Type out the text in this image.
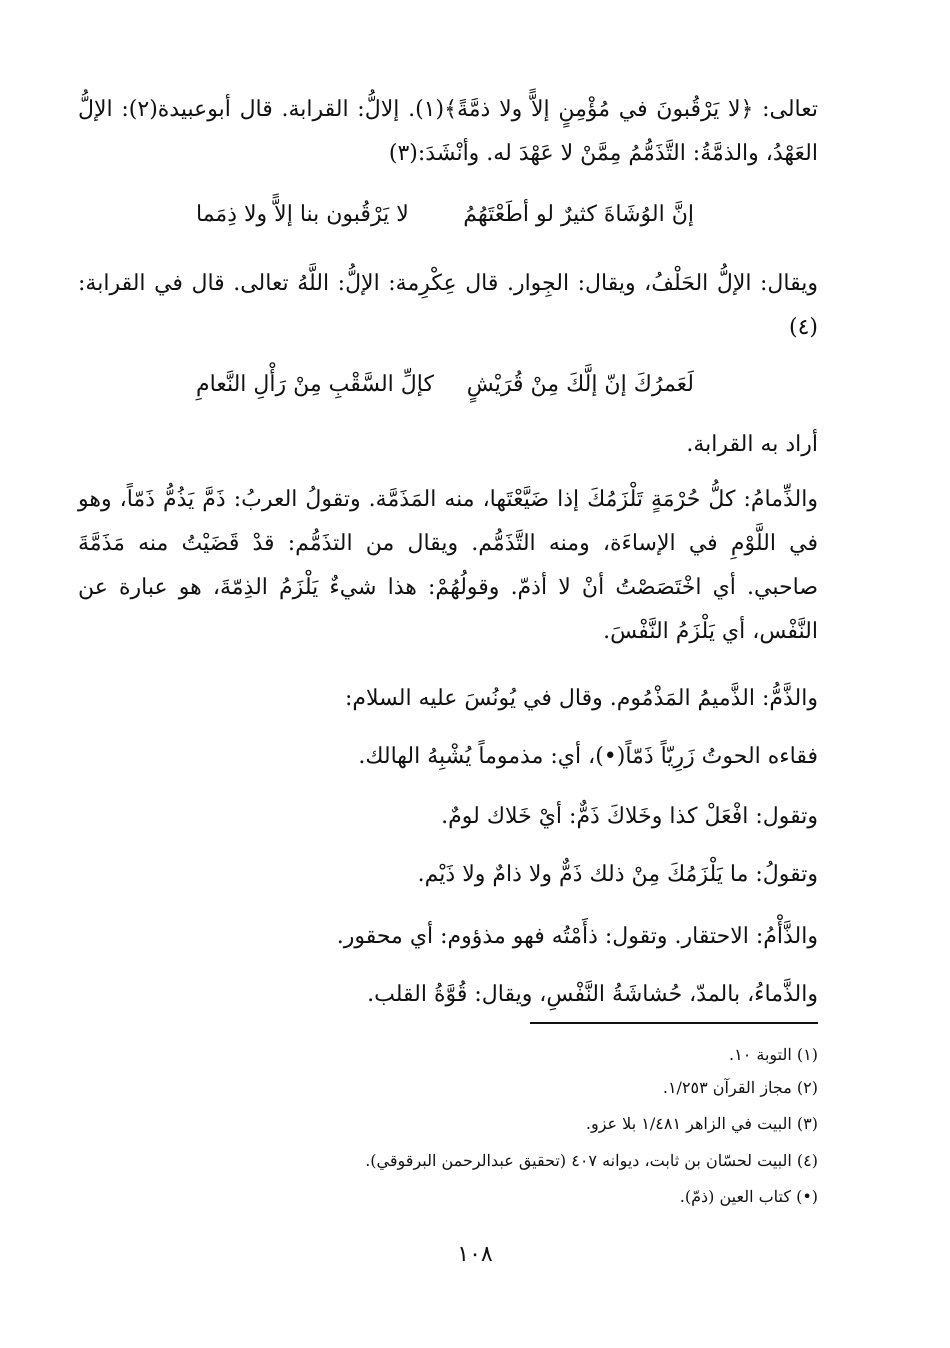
تعالى: ﴿لا يَرْقُبونَ في مُؤْمِنٍ إلاًّ ولا ذمَّةً﴾(١). إلالُّ: القرابة. قال أبوعبيدة(٢): الإلُّ العَهْدُ، والذمَّةُ: التَّذَمُّمُ مِمَّنْ لا عَهْدَ له. وأنْشَدَ:(٣)
إنَّ الوُشَاةَ كثيرٌ لو أطَعْتَهُمُ
لا يَرْقُبون بنا إلاًّ ولا ذِمَما
ويقال: الإلُّ الحَلْفُ، ويقال: الجِوار. قال عِكْرِمة: الإلُّ: اللَّهُ تعالى. قال في القرابة:(٤)
لَعَمرُكَ إنّ إلَّكَ مِنْ قُرَيْشٍ
كإلِّ السَّقْبِ مِنْ رَأْلِ النَّعامِ
أراد به القرابة.
والذِّمامُ: كلُّ حُرْمَةٍ تَلْزَمُكَ إذا ضَيَّعْتَها، منه المَذَمَّة. وتقولُ العربُ: ذَمَّ يَذُمُّ ذَمّاً، وهو في اللَّوْمِ في الإساءَة، ومنه التَّذَمُّم. ويقال من التذَمُّم: قدْ قَضَيْتُ منه مَذَمَّةَ صاحبي. أي اخْتَصَصْتُ أنْ لا أذمّ. وقولُهُمْ: هذا شيءٌ يَلْزَمُ الذِمّةَ، هو عبارة عن النَّفْس، أي يَلْزَمُ النَّفْسَ.
والذَّمُّ: الذَّميمُ المَذْمُوم. وقال في يُونُسَ عليه السلام:
فقاءه الحوتُ زَرِيّاً ذَمّاً(•)، أي: مذموماً يُشْبِهُ الهالك.
وتقول: افْعَلْ كذا وخَلاكَ ذَمٌّ: أيْ خَلاك لومٌ.
وتقولُ: ما يَلْزَمُكَ مِنْ ذلك ذَمٌّ ولا ذامٌ ولا ذَيْم.
والذَّأْمُ: الاحتقار. وتقول: ذأَمْتُه فهو مذؤوم: أي محقور.
والذَّماءُ، بالمدّ، حُشاشَةُ النَّفْسِ، ويقال: قُوَّةُ القلب.
(١) التوبة ١٠.
(٢) مجاز القرآن ١/٢٥٣.
(٣) البيت في الزاهر ١/٤٨١ بلا عزو.
(٤) البيت لحسّان بن ثابت، ديوانه ٤٠٧ (تحقيق عبدالرحمن البرقوقي).
(•) كتاب العين (ذمّ).
١٠٨
